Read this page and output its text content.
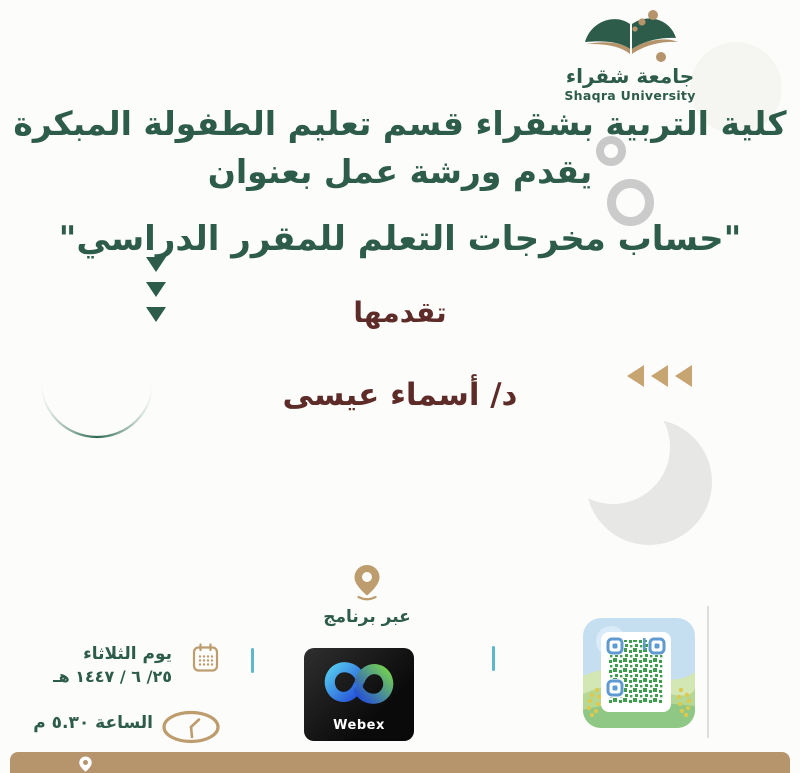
جامعة شقراء
Shaqra University
كلية التربية بشقراء قسم تعليم الطفولة المبكرة
يقدم ورشة عمل بعنوان
"حساب مخرجات التعلم للمقرر الدراسي"
تقدمها
د/ أسماء عيسى
عبر برنامج
Webex
يوم الثلاثاء
٢٥/ ٦ / ١٤٤٧ هـ
الساعة ٥.٣٠ م
